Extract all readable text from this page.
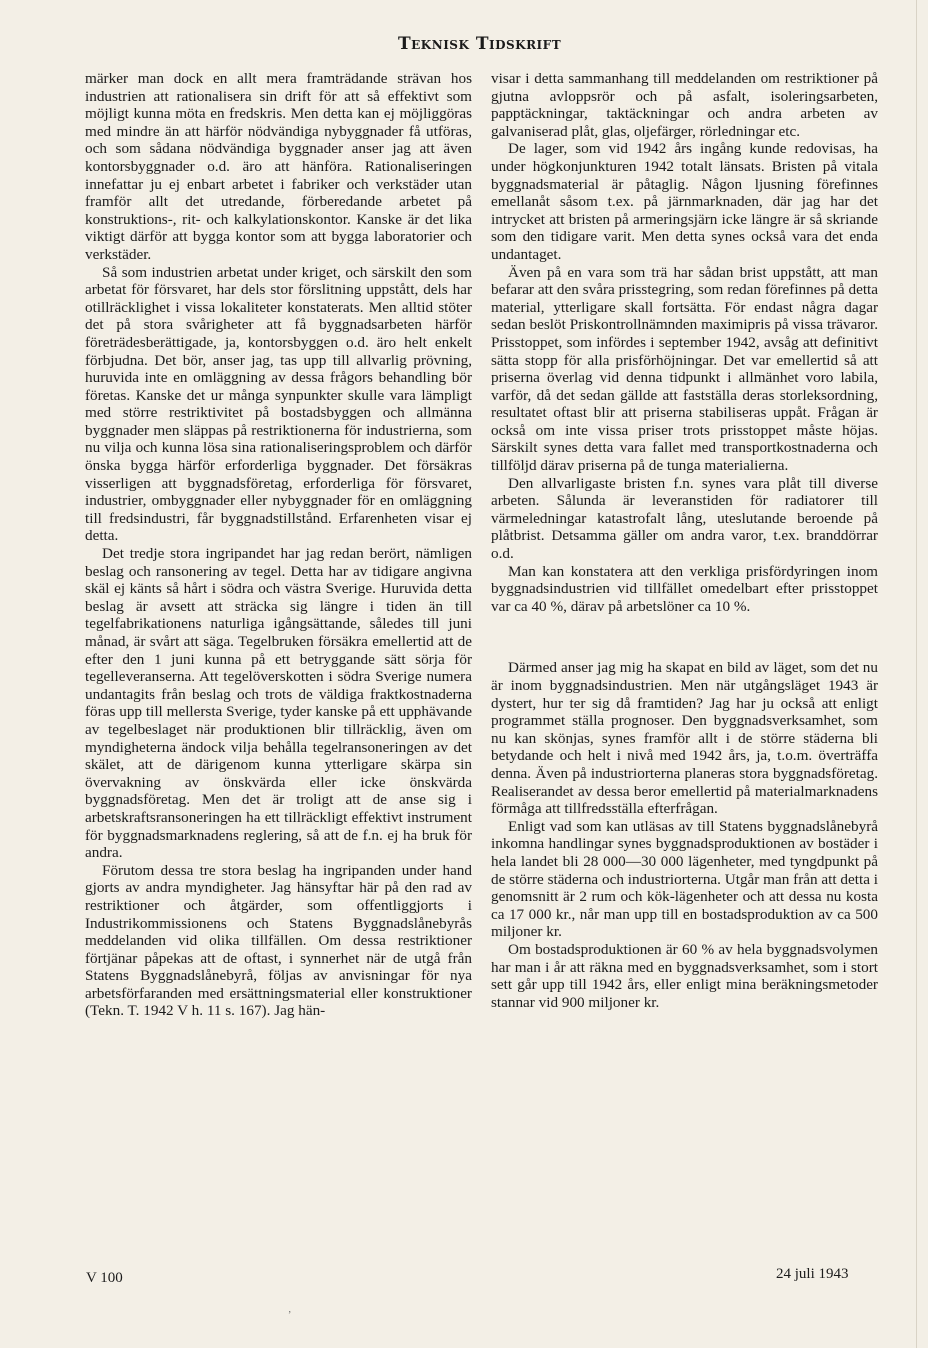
Teknisk Tidskrift

märker man dock en allt mera framträdande strävan hos industrien att rationalisera sin drift för att så effektivt som möjligt kunna möta en fredskris. Men detta kan ej möjliggöras med mindre än att härför nödvändiga nybyggnader få utföras, och som sådana nödvändiga byggnader anser jag att även kontorsbyggnader o.d. äro att hänföra. Rationaliseringen innefattar ju ej enbart arbetet i fabriker och verkstäder utan framför allt det utredande, förberedande arbetet på konstruktions-, rit- och kalkylationskontor. Kanske är det lika viktigt därför att bygga kontor som att bygga laboratorier och verkstäder.

Så som industrien arbetat under kriget, och särskilt den som arbetat för försvaret, har dels stor förslitning uppstått, dels har otillräcklighet i vissa lokaliteter konstaterats. Men alltid stöter det på stora svårigheter att få byggnadsarbeten härför företrädesberättigade, ja, kontorsbyggen o.d. äro helt enkelt förbjudna. Det bör, anser jag, tas upp till allvarlig prövning, huruvida inte en omläggning av dessa frågors behandling bör företas. Kanske det ur många synpunkter skulle vara lämpligt med större restriktivitet på bostadsbyggen och allmänna byggnader men släppas på restriktionerna för industrierna, som nu vilja och kunna lösa sina rationaliseringsproblem och därför önska bygga härför erforderliga byggnader. Det försäkras visserligen att byggnadsföretag, erforderliga för försvaret, industrier, ombyggnader eller nybyggnader för en omläggning till fredsindustri, får byggnadstillstånd. Erfarenheten visar ej detta.

Det tredje stora ingripandet har jag redan berört, nämligen beslag och ransonering av tegel. Detta har av tidigare angivna skäl ej känts så hårt i södra och västra Sverige. Huruvida detta beslag är avsett att sträcka sig längre i tiden än till tegelfabrikationens naturliga igångsättande, således till juni månad, är svårt att säga. Tegelbruken försäkra emellertid att de efter den 1 juni kunna på ett betryggande sätt sörja för tegelleveranserna. Att tegelöverskotten i södra Sverige numera undantagits från beslag och trots de väldiga fraktkostnaderna föras upp till mellersta Sverige, tyder kanske på ett upphävande av tegelbeslaget när produktionen blir tillräcklig, även om myndigheterna ändock vilja behålla tegelransoneringen av det skälet, att de därigenom kunna ytterligare skärpa sin övervakning av önskvärda eller icke önskvärda byggnadsföretag. Men det är troligt att de anse sig i arbetskraftsransoneringen ha ett tillräckligt effektivt instrument för byggnadsmarknadens reglering, så att de f.n. ej ha bruk för andra.

Förutom dessa tre stora beslag ha ingripanden under hand gjorts av andra myndigheter. Jag hänsyftar här på den rad av restriktioner och åtgärder, som offentliggjorts i Industrikommissionens och Statens Byggnadslånebyrås meddelanden vid olika tillfällen. Om dessa restriktioner förtjänar påpekas att de oftast, i synnerhet när de utgå från Statens Byggnadslånebyrå, följas av anvisningar för nya arbetsförfaranden med ersättningsmaterial eller konstruktioner (Tekn. T. 1942 V h. 11 s. 167). Jag hän-

visar i detta sammanhang till meddelanden om restriktioner på gjutna avloppsrör och på asfalt, isoleringsarbeten, papptäckningar, taktäckningar och andra arbeten av galvaniserad plåt, glas, oljefärger, rörledningar etc.

De lager, som vid 1942 års ingång kunde redovisas, ha under högkonjunkturen 1942 totalt länsats. Bristen på vitala byggnadsmaterial är påtaglig. Någon ljusning förefinnes emellanåt såsom t.ex. på järnmarknaden, där jag har det intrycket att bristen på armeringsjärn icke längre är så skriande som den tidigare varit. Men detta synes också vara det enda undantaget.

Även på en vara som trä har sådan brist uppstått, att man befarar att den svåra prisstegring, som redan förefinnes på detta material, ytterligare skall fortsätta. För endast några dagar sedan beslöt Priskontrollnämnden maximipris på vissa trävaror. Prisstoppet, som infördes i september 1942, avsåg att definitivt sätta stopp för alla prisförhöjningar. Det var emellertid så att priserna överlag vid denna tidpunkt i allmänhet voro labila, varför, då det sedan gällde att fastställa deras storleksordning, resultatet oftast blir att priserna stabiliseras uppåt. Frågan är också om inte vissa priser trots prisstoppet måste höjas. Särskilt synes detta vara fallet med transportkostnaderna och tillföljd därav priserna på de tunga materialierna.

Den allvarligaste bristen f.n. synes vara plåt till diverse arbeten. Sålunda är leveranstiden för radiatorer till värmeledningar katastrofalt lång, uteslutande beroende på plåtbrist. Detsamma gäller om andra varor, t.ex. branddörrar o.d.

Man kan konstatera att den verkliga prisfördyringen inom byggnadsindustrien vid tillfället omedelbart efter prisstoppet var ca 40 %, därav på arbetslöner ca 10 %.

Därmed anser jag mig ha skapat en bild av läget, som det nu är inom byggnadsindustrien. Men när utgångsläget 1943 är dystert, hur ter sig då framtiden? Jag har ju också att enligt programmet ställa prognoser. Den byggnadsverksamhet, som nu kan skönjas, synes framför allt i de större städerna bli betydande och helt i nivå med 1942 års, ja, t.o.m. överträffa denna. Även på industriorterna planeras stora byggnadsföretag. Realiserandet av dessa beror emellertid på materialmarknadens förmåga att tillfredsställa efterfrågan.

Enligt vad som kan utläsas av till Statens byggnadslånebyrå inkomna handlingar synes byggnadsproduktionen av bostäder i hela landet bli 28 000—30 000 lägenheter, med tyngdpunkt på de större städerna och industriorterna. Utgår man från att detta i genomsnitt är 2 rum och kök-lägenheter och att dessa nu kosta ca 17 000 kr., når man upp till en bostadsproduktion av ca 500 miljoner kr.

Om bostadsproduktionen är 60 % av hela byggnadsvolymen har man i år att räkna med en byggnadsverksamhet, som i stort sett går upp till 1942 års, eller enligt mina beräkningsmetoder stannar vid 900 miljoner kr.

V 100	24 juli 1943
ʼ
